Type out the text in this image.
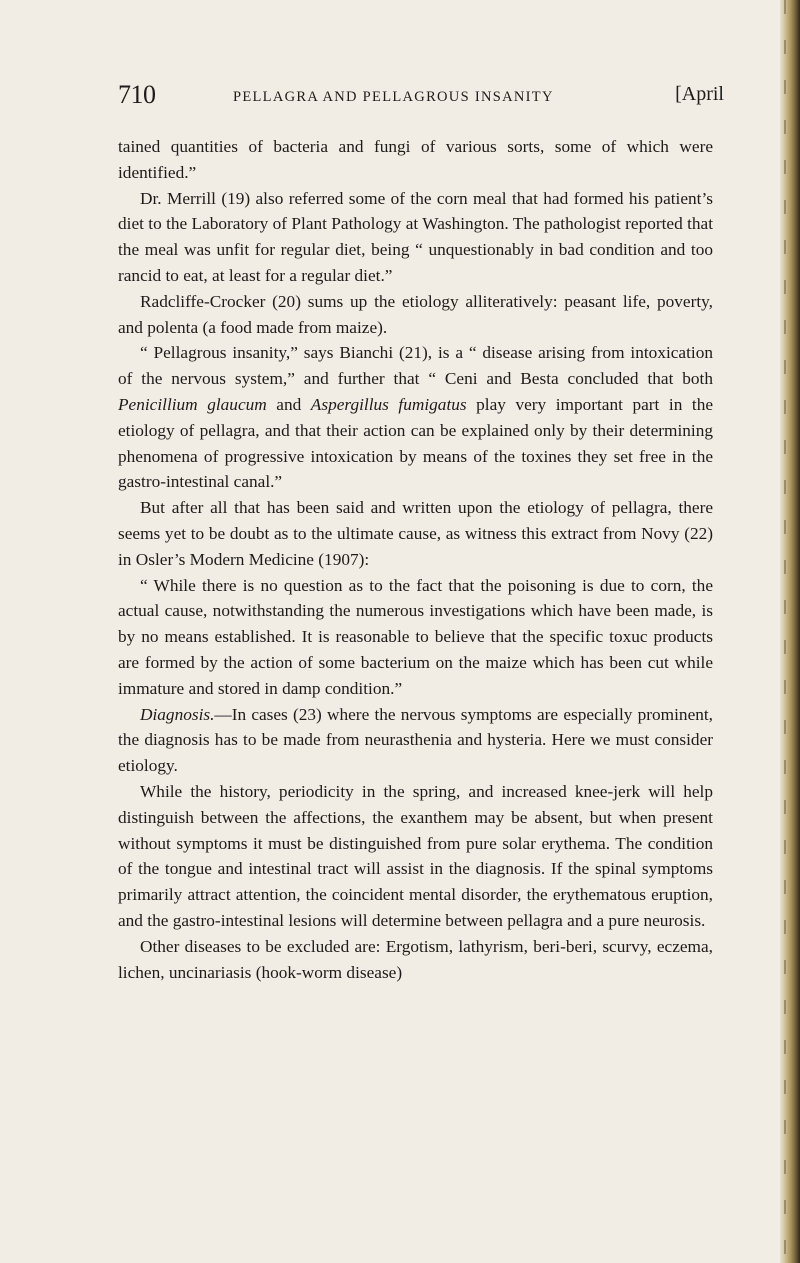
710	PELLAGRA AND PELLAGROUS INSANITY	[April

tained quantities of bacteria and fungi of various sorts, some of which were identified.”

Dr. Merrill (19) also referred some of the corn meal that had formed his patient’s diet to the Laboratory of Plant Pathology at Washington. The pathologist reported that the meal was unfit for regular diet, being “ unquestionably in bad condition and too rancid to eat, at least for a regular diet.”

Radcliffe-Crocker (20) sums up the etiology alliteratively: peasant life, poverty, and polenta (a food made from maize).

“ Pellagrous insanity,” says Bianchi (21), is a “ disease arising from intoxication of the nervous system,” and further that “ Ceni and Besta concluded that both Penicillium glaucum and Aspergillus fumigatus play very important part in the etiology of pellagra, and that their action can be explained only by their determining phenomena of progressive intoxication by means of the toxines they set free in the gastro-intestinal canal.”

But after all that has been said and written upon the etiology of pellagra, there seems yet to be doubt as to the ultimate cause, as witness this extract from Novy (22) in Osler’s Modern Medicine (1907):

“ While there is no question as to the fact that the poisoning is due to corn, the actual cause, notwithstanding the numerous investigations which have been made, is by no means established. It is reasonable to believe that the specific toxuc products are formed by the action of some bacterium on the maize which has been cut while immature and stored in damp condition.”

Diagnosis.—In cases (23) where the nervous symptoms are especially prominent, the diagnosis has to be made from neurasthenia and hysteria. Here we must consider etiology.

While the history, periodicity in the spring, and increased knee-jerk will help distinguish between the affections, the exanthem may be absent, but when present without symptoms it must be distinguished from pure solar erythema. The condition of the tongue and intestinal tract will assist in the diagnosis. If the spinal symptoms primarily attract attention, the coincident mental disorder, the erythematous eruption, and the gastro-intestinal lesions will determine between pellagra and a pure neurosis.

Other diseases to be excluded are: Ergotism, lathyrism, beri-beri, scurvy, eczema, lichen, uncinariasis (hook-worm disease)
